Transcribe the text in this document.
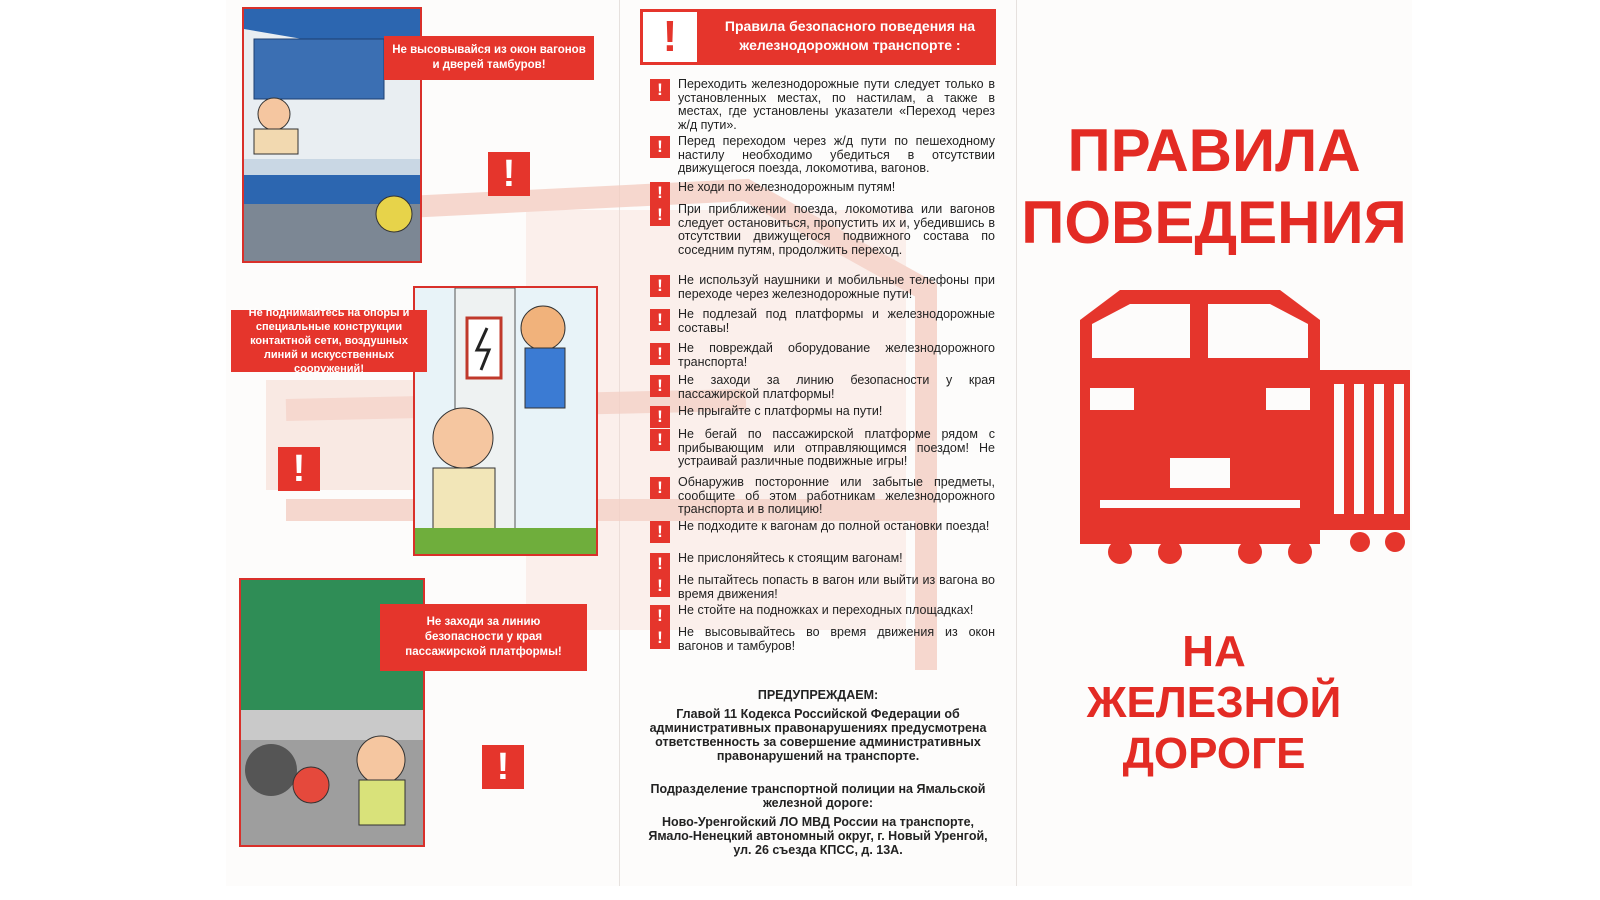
Не высовывайся из окон вагонов и дверей тамбуров!
!
Не поднимайтесь на опоры и специальные конструкции контактной сети, воздушных линий и искусственных сооружений!
!
Не заходи за линию безопасности у края пассажирской платформы!
!
!	Правила безопасного поведения на железнодорожном транспорте :
!	Переходить железнодорожные пути следует только в установленных местах, по настилам, а также в местах, где установлены указатели «Переход через ж/д пути».
!	Перед переходом через ж/д пути по пешеходному настилу необходимо убедиться в отсутствии движущегося поезда, локомотива, вагонов.
!	Не ходи по железнодорожным путям!
!	При приближении поезда, локомотива или вагонов следует остановиться, пропустить их и, убедившись в отсутствии движущегося подвижного состава по соседним путям, продолжить переход.
!	Не используй наушники и мобильные телефоны при переходе через железнодорожные пути!
!	Не подлезай под платформы и железнодорожные составы!
!	Не повреждай оборудование железнодорожного транспорта!
!	Не заходи за линию безопасности у края пассажирской платформы!
!	Не прыгайте с платформы на пути!
!	Не бегай по пассажирской платформе рядом с прибывающим или отправляющимся поездом! Не устраивай различные подвижные игры!
!	Обнаружив посторонние или забытые предметы, сообщите об этом работникам железнодорожного транспорта и в полицию!
!	Не подходите к вагонам до полной остановки поезда!
!	Не прислоняйтесь к стоящим вагонам!
!	Не пытайтесь попасть в вагон или выйти из вагона во время движения!
!	Не стойте на подножках и переходных площадках!
!	Не высовывайтесь во время движения из окон вагонов и тамбуров!
ПРЕДУПРЕЖДАЕМ:
Главой 11 Кодекса Российской Федерации об административных правонарушениях предусмотрена ответственность за совершение административных правонарушений на транспорте.
Подразделение транспортной полиции на Ямальской железной дороге:
Ново-Уренгойский ЛО МВД России на транспорте, Ямало-Ненецкий автономный округ, г. Новый Уренгой, ул. 26 съезда КПСС, д. 13А.
ПРАВИЛА
ПОВЕДЕНИЯ
НА
ЖЕЛЕЗНОЙ
ДОРОГЕ
